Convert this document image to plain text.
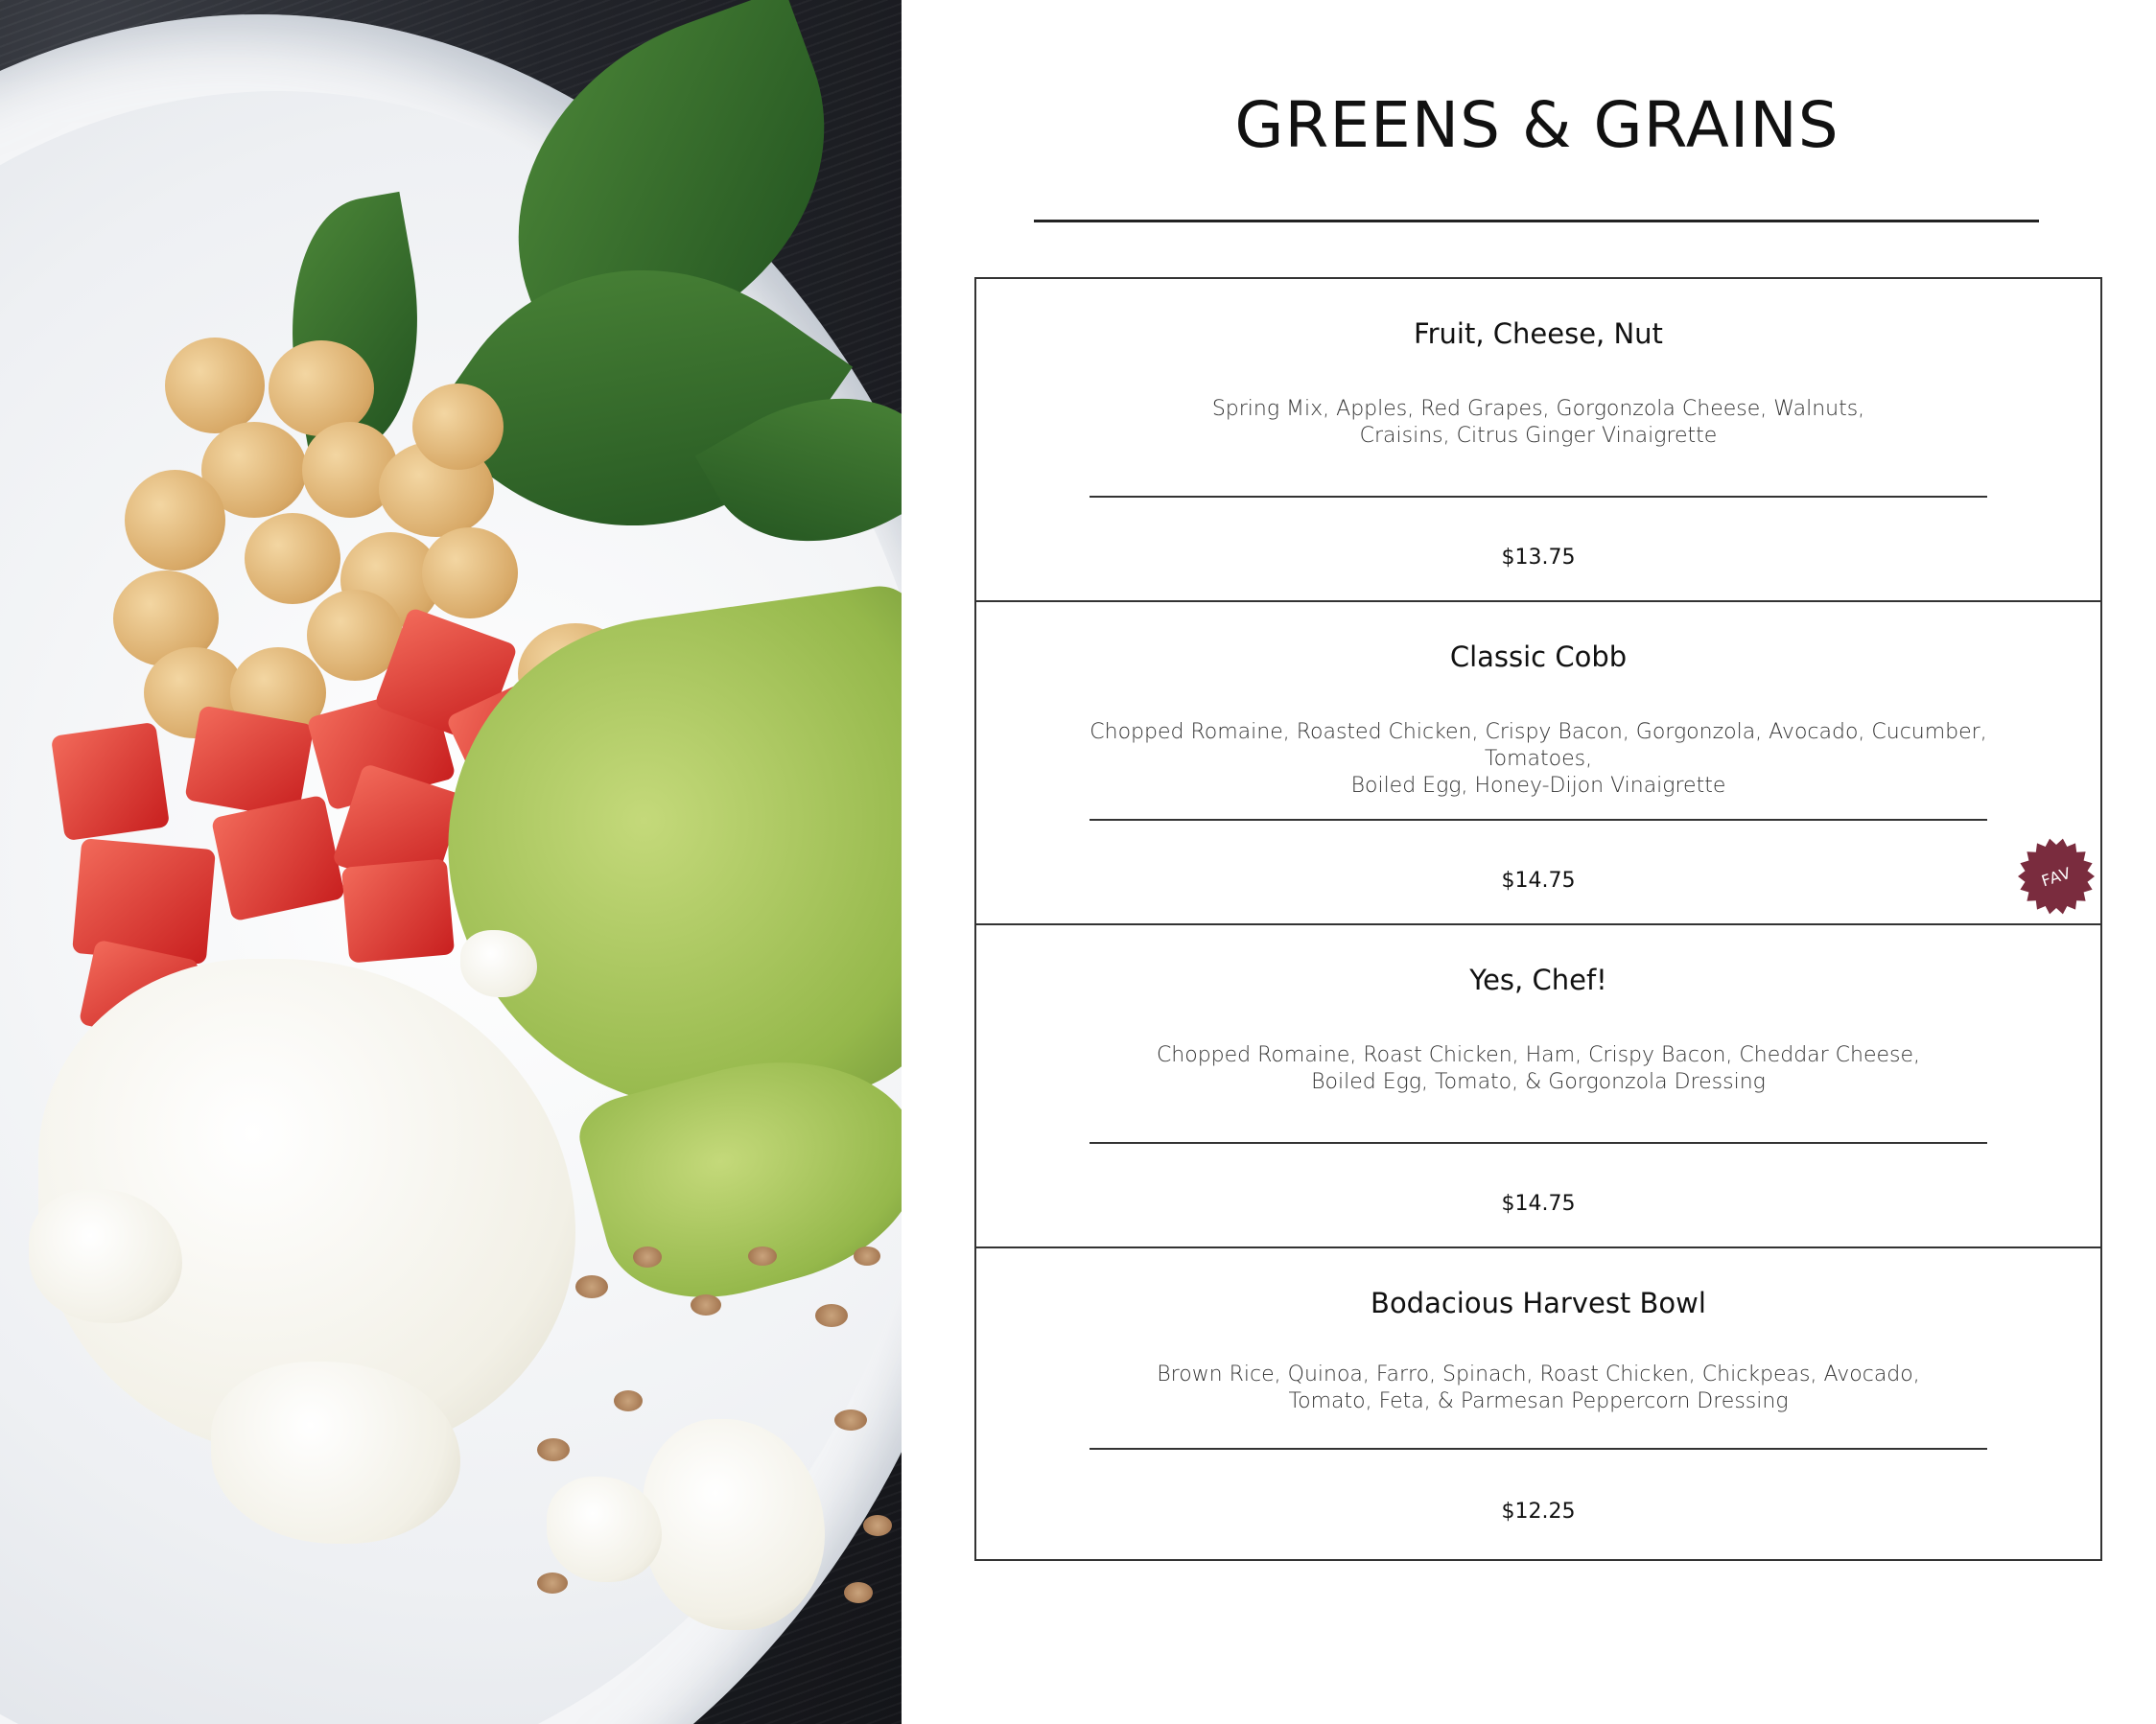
GREENS & GRAINS
Fruit, Cheese, Nut
Spring Mix, Apples, Red Grapes, Gorgonzola Cheese, Walnuts,
Craisins, Citrus Ginger Vinaigrette
$13.75
Classic Cobb
Chopped Romaine, Roasted Chicken, Crispy Bacon, Gorgonzola, Avocado, Cucumber, Tomatoes,
Boiled Egg, Honey-Dijon Vinaigrette
$14.75	FAV
Yes, Chef!
Chopped Romaine, Roast Chicken, Ham, Crispy Bacon, Cheddar Cheese,
Boiled Egg, Tomato, & Gorgonzola Dressing
$14.75
Bodacious Harvest Bowl
Brown Rice, Quinoa, Farro, Spinach, Roast Chicken, Chickpeas, Avocado,
Tomato, Feta, & Parmesan Peppercorn Dressing
$12.25
